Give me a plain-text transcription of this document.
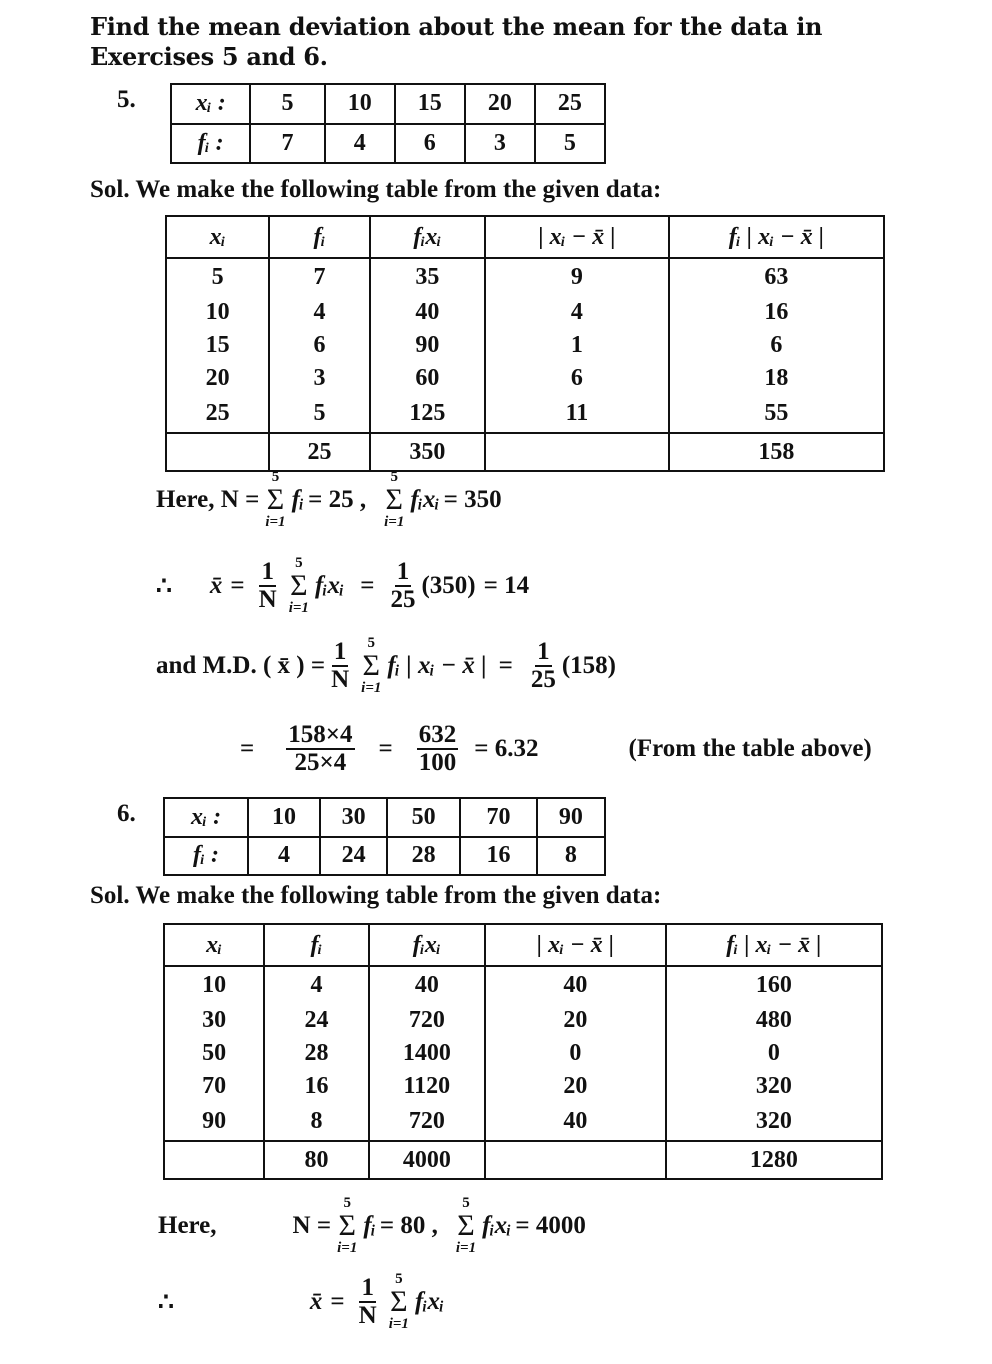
Find the mean deviation about the mean for the data in
Exercises 5 and 6.
5. xᵢ :	5	10	15	20	25
fᵢ :	7	4	6	3	5
Sol. We make the following table from the given data:
xᵢ	fᵢ	fᵢxᵢ	| xᵢ − x̄ |	fᵢ | xᵢ − x̄ |
5	7	35	9	63
10	4	40	4	16
15	6	90	1	6
20	3	60	6	18
25	5	125	11	55
	25	350		158
Here, N =
5
Σ
i=1
fᵢ = 25 ,
5
Σ
i=1
fᵢxᵢ = 350
∴ x̄ = $\frac{1}{N} 5$
Σ
i=1
fᵢxᵢ = $\frac{1}{25} (350) = 14$
and M.D. ( x̄ ) = $\frac{1}{N} 5$
Σ
i=1
fᵢ | xᵢ − x̄ | = $\frac{1}{25} (158)$
= $\frac{158\times 4}{25\times 4} = \frac{632}{100} = 6.32$	(From the table above)
6. xᵢ :	10	30	50	70	90
fᵢ :	4	24	28	16	8
Sol. We make the following table from the given data:
xᵢ	fᵢ	fᵢxᵢ	| xᵢ − x̄ |	fᵢ | xᵢ − x̄ |
10	4	40	40	160
30	24	720	20	480
50	28	1400	0	0
70	16	1120	20	320
90	8	720	40	320
	80	4000		1280
Here,	N =
5
Σ
i=1
fᵢ = 80 ,
5
Σ
i=1
fᵢxᵢ = 4000
∴	x̄ = $\frac{1}{N} 5$
Σ
i=1
fᵢxᵢ
